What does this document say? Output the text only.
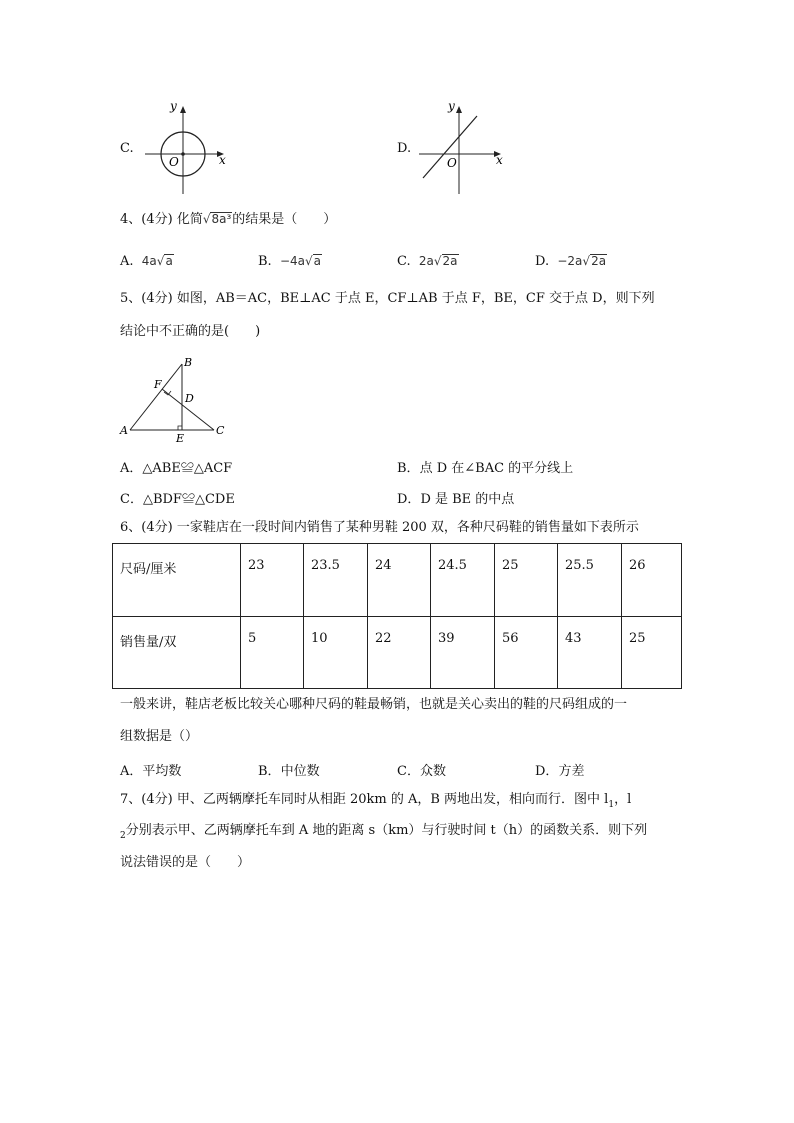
C.
y
x
O
D.
y
x
O
4、(4分) 化简√8a³的结果是（　　）
A. 4a√a	B. −4a√a	C. 2a√2a	D. −2a√2a
5、(4分) 如图，AB＝AC，BE⊥AC 于点 E，CF⊥AB 于点 F，BE，CF 交于点 D，则下列
结论中不正确的是(　　)
A
B
C
D
E
F
A．△ABE≌△ACF	B．点 D 在∠BAC 的平分线上
C．△BDF≌△CDE	D．D 是 BE 的中点
6、(4分) 一家鞋店在一段时间内销售了某种男鞋 200 双，各种尺码鞋的销售量如下表所示
尺码/厘米	23	23.5	24	24.5	25	25.5	26
销售量/双	5	10	22	39	56	43	25
一般来讲，鞋店老板比较关心哪种尺码的鞋最畅销，也就是关心卖出的鞋的尺码组成的一
组数据是（）
A．平均数	B．中位数	C．众数	D．方差
7、(4分) 甲、乙两辆摩托车同时从相距 20km 的 A，B 两地出发，相向而行．图中 $l_1$，l
$_2$分别表示甲、乙两辆摩托车到 A 地的距离 s（km）与行驶时间 t（h）的函数关系．则下列
说法错误的是（　　）
